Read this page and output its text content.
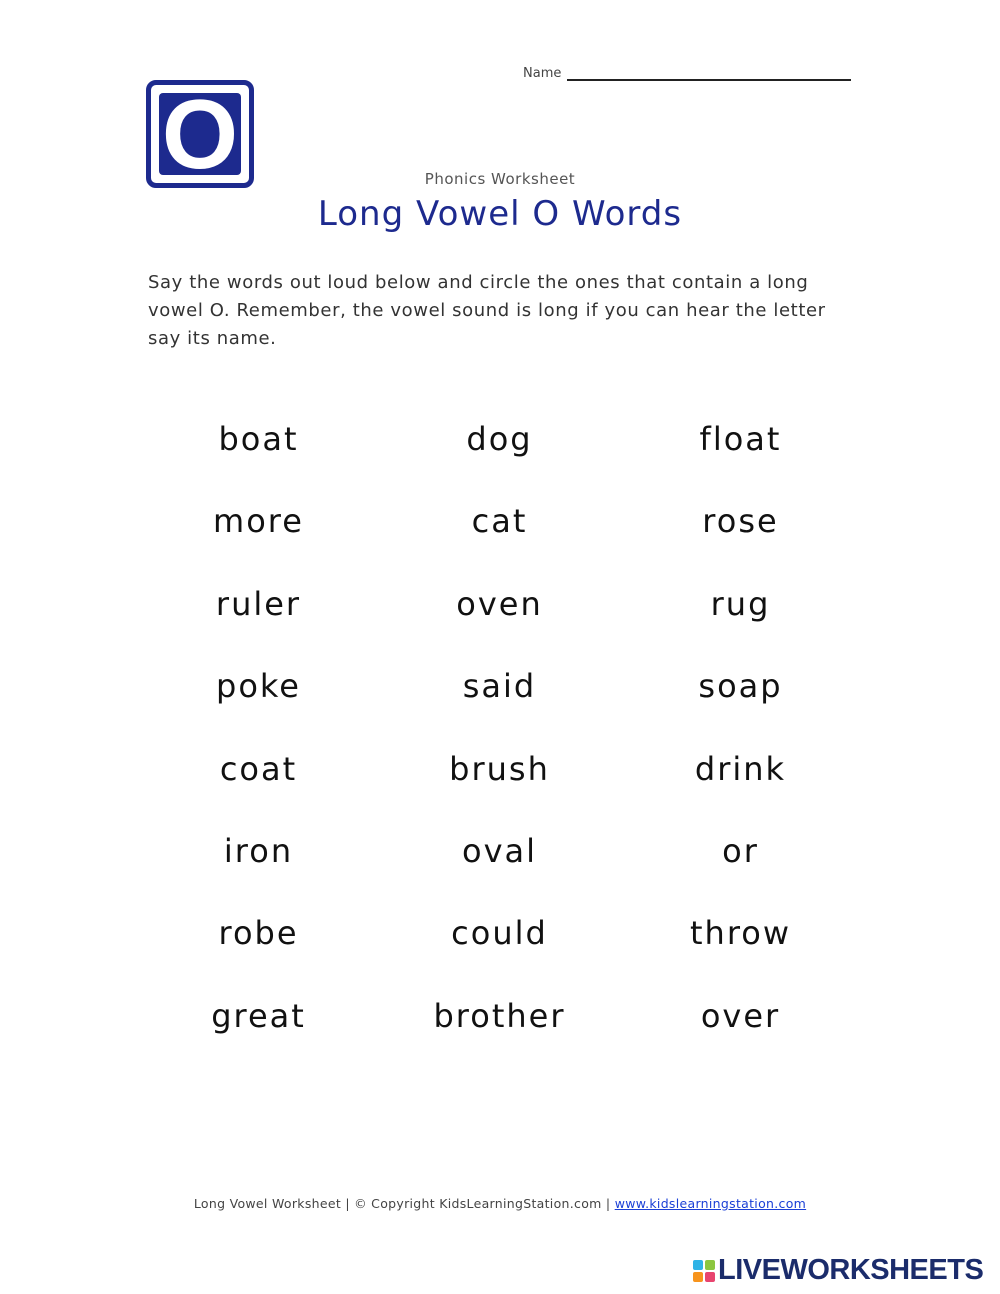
O
Name
Phonics Worksheet
Long Vowel O Words

Say the words out loud below and circle the ones that contain a long vowel O. Remember, the vowel sound is long if you can hear the letter say its name.

boat	dog	float
more	cat	rose
ruler	oven	rug
poke	said	soap
coat	brush	drink
iron	oval	or
robe	could	throw
great	brother	over
Long Vowel Worksheet | © Copyright KidsLearningStation.com | www.kidslearningstation.com
LIVEWORKSHEETS
